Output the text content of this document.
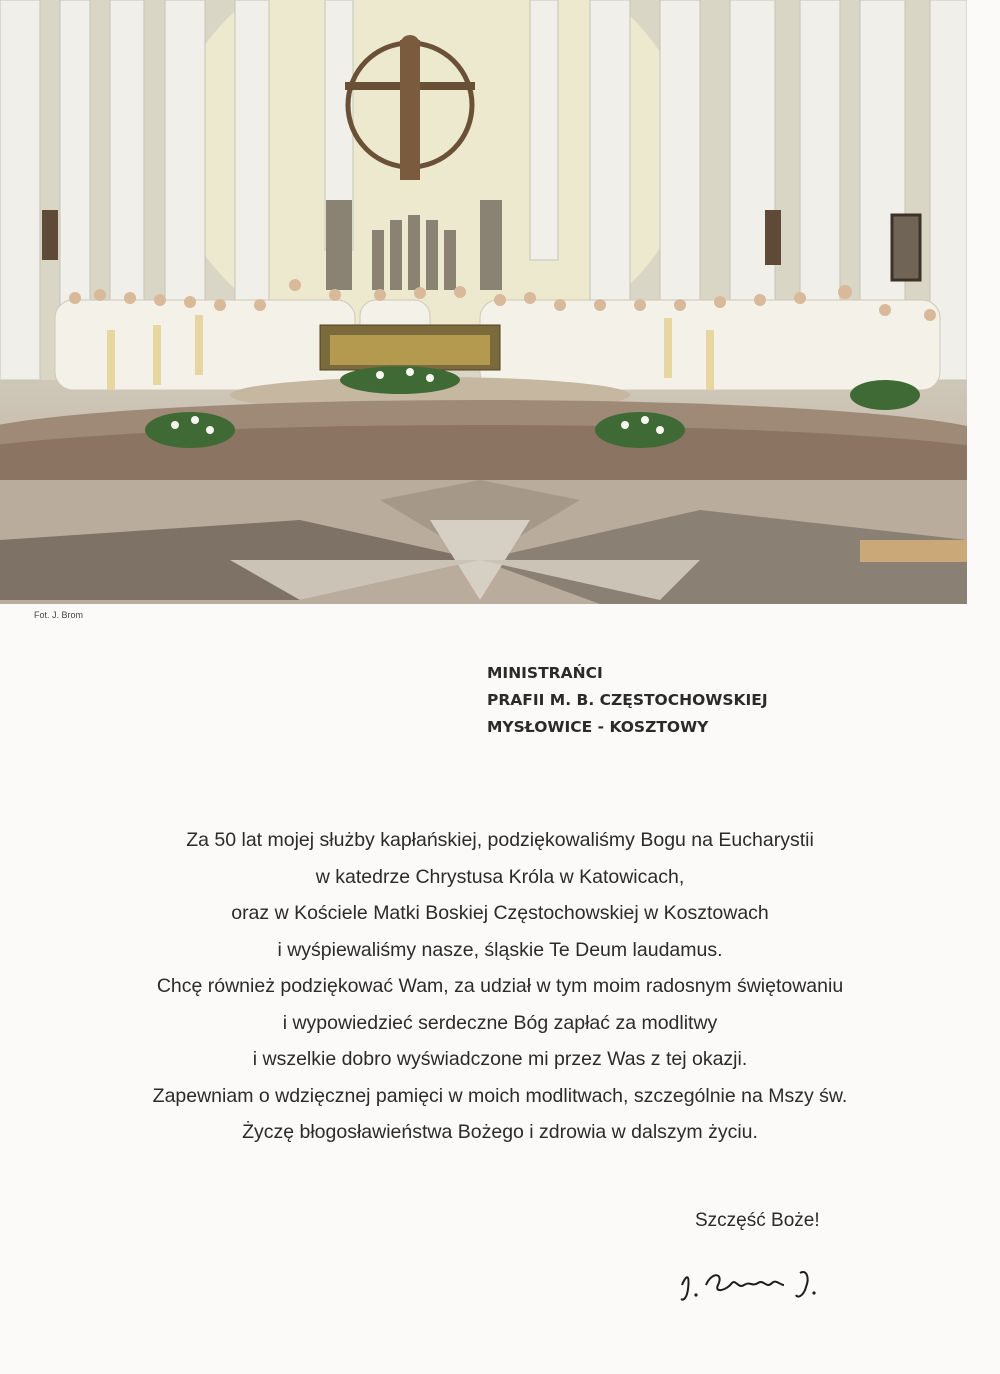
Fot. J. Brom
MINISTRAŃCI
PRAFII M. B. CZĘSTOCHOWSKIEJ
MYSŁOWICE - KOSZTOWY
Za 50 lat mojej służby kapłańskiej, podziękowaliśmy Bogu na Eucharystii
w katedrze Chrystusa Króla w Katowicach,
oraz w Kościele Matki Boskiej Częstochowskiej w Kosztowach
i wyśpiewaliśmy nasze, śląskie Te Deum laudamus.
Chcę również podziękować Wam, za udział w tym moim radosnym świętowaniu
i wypowiedzieć serdeczne Bóg zapłać za modlitwy
i wszelkie dobro wyświadczone mi przez Was z tej okazji.
Zapewniam o wdzięcznej pamięci w moich modlitwach, szczególnie na Mszy św.
Życzę błogosławieństwa Bożego i zdrowia w dalszym życiu.
Szczęść Boże!
